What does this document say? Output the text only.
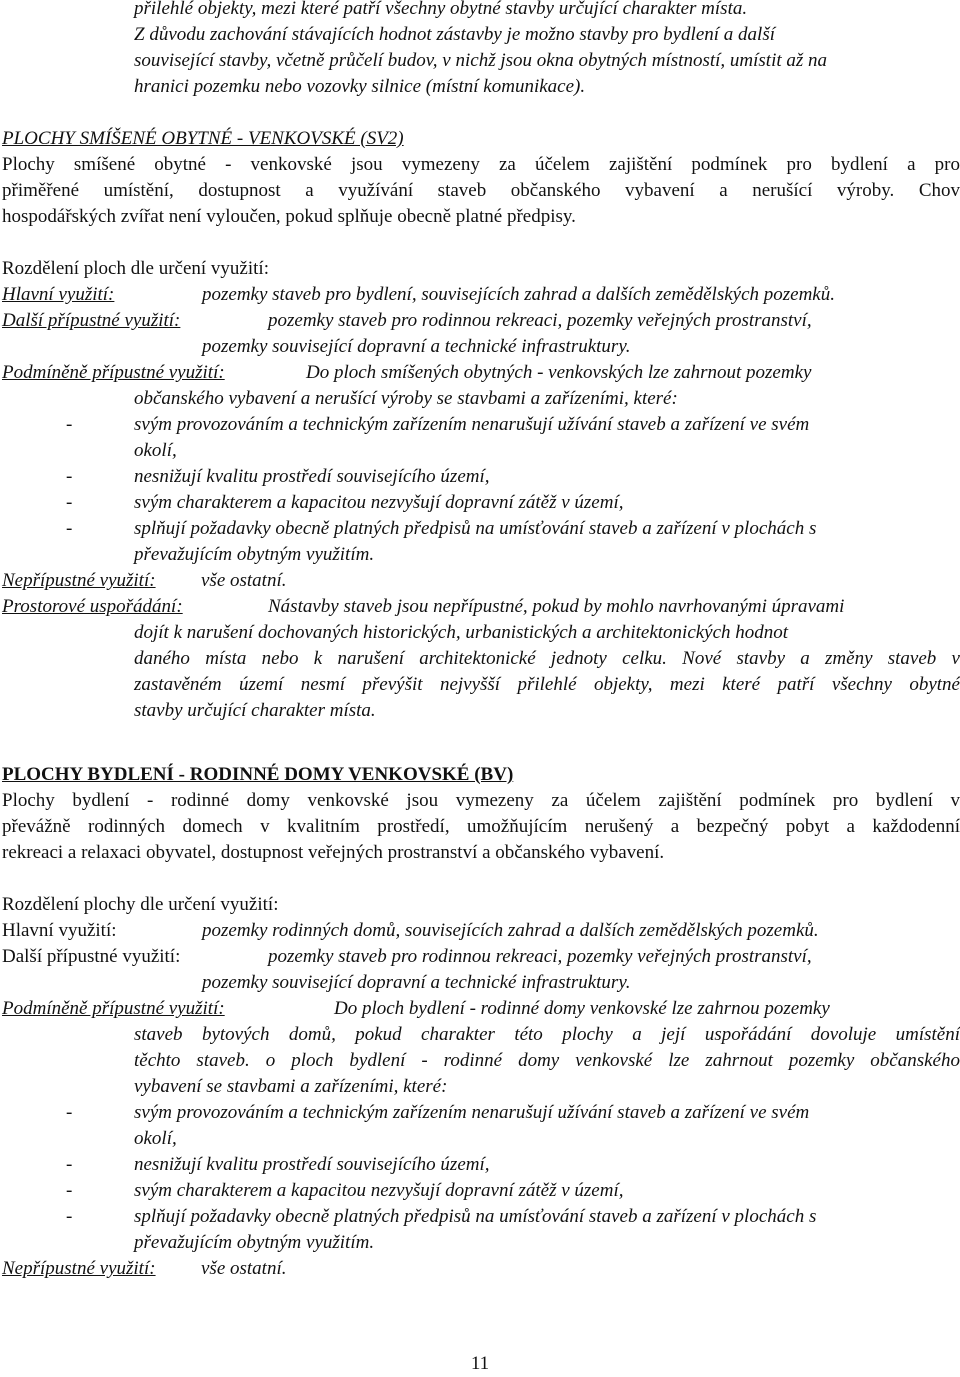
přilehlé objekty, mezi které patří všechny obytné stavby určující charakter místa.
Z důvodu zachování stávajících hodnot zástavby je možno stavby pro bydlení a další
související stavby, včetně průčelí budov, v nichž jsou okna obytných místností, umístit až na
hranici pozemku nebo vozovky silnice (místní komunikace).
PLOCHY SMÍŠENÉ OBYTNÉ - VENKOVSKÉ (SV2)
Plochy smíšené obytné - venkovské jsou vymezeny za účelem zajištění podmínek pro bydlení a pro
přiměřené umístění, dostupnost a využívání staveb občanského vybavení a nerušící výroby. Chov
hospodářských zvířat není vyloučen, pokud splňuje obecně platné předpisy.
Rozdělení ploch dle určení využití:
Hlavní využití:	pozemky staveb pro bydlení, souvisejících zahrad a dalších zemědělských pozemků.
Další přípustné využití:	pozemky staveb pro rodinnou rekreaci, pozemky veřejných prostranství,
pozemky související dopravní a technické infrastruktury.
Podmíněně přípustné využití:	Do ploch smíšených obytných - venkovských lze zahrnout pozemky
občanského vybavení a nerušící výroby se stavbami a zařízeními, které:
-	svým provozováním a technickým zařízením nenarušují užívání staveb a zařízení ve svém
okolí,
-	nesnižují kvalitu prostředí souvisejícího území,
-	svým charakterem a kapacitou nezvyšují dopravní zátěž v území,
-	splňují požadavky obecně platných předpisů na umísťování staveb a zařízení v plochách s
převažujícím obytným využitím.
Nepřípustné využití: vše ostatní.
Prostorové uspořádání:	Nástavby staveb jsou nepřípustné, pokud by mohlo navrhovanými úpravami
dojít k narušení dochovaných historických, urbanistických a architektonických hodnot
daného místa nebo k narušení architektonické jednoty celku. Nové stavby a změny staveb v
zastavěném území nesmí převýšit nejvyšší přilehlé objekty, mezi které patří všechny obytné
stavby určující charakter místa.
PLOCHY BYDLENÍ - RODINNÉ DOMY VENKOVSKÉ (BV)
Plochy bydlení - rodinné domy venkovské jsou vymezeny za účelem zajištění podmínek pro bydlení v
převážně rodinných domech v kvalitním prostředí, umožňujícím nerušený a bezpečný pobyt a každodenní
rekreaci a relaxaci obyvatel, dostupnost veřejných prostranství a občanského vybavení.
Rozdělení plochy dle určení využití:
Hlavní využití:	pozemky rodinných domů, souvisejících zahrad a dalších zemědělských pozemků.
Další přípustné využití:	pozemky staveb pro rodinnou rekreaci, pozemky veřejných prostranství,
pozemky související dopravní a technické infrastruktury.
Podmíněně přípustné využití:	Do ploch bydlení - rodinné domy venkovské lze zahrnou pozemky
staveb bytových domů, pokud charakter této plochy a její uspořádání dovoluje umístění
těchto staveb. o ploch bydlení - rodinné domy venkovské lze zahrnout pozemky občanského
vybavení se stavbami a zařízeními, které:
-	svým provozováním a technickým zařízením nenarušují užívání staveb a zařízení ve svém
okolí,
-	nesnižují kvalitu prostředí souvisejícího území,
-	svým charakterem a kapacitou nezvyšují dopravní zátěž v území,
-	splňují požadavky obecně platných předpisů na umísťování staveb a zařízení v plochách s
převažujícím obytným využitím.
Nepřípustné využití: vše ostatní.
11
